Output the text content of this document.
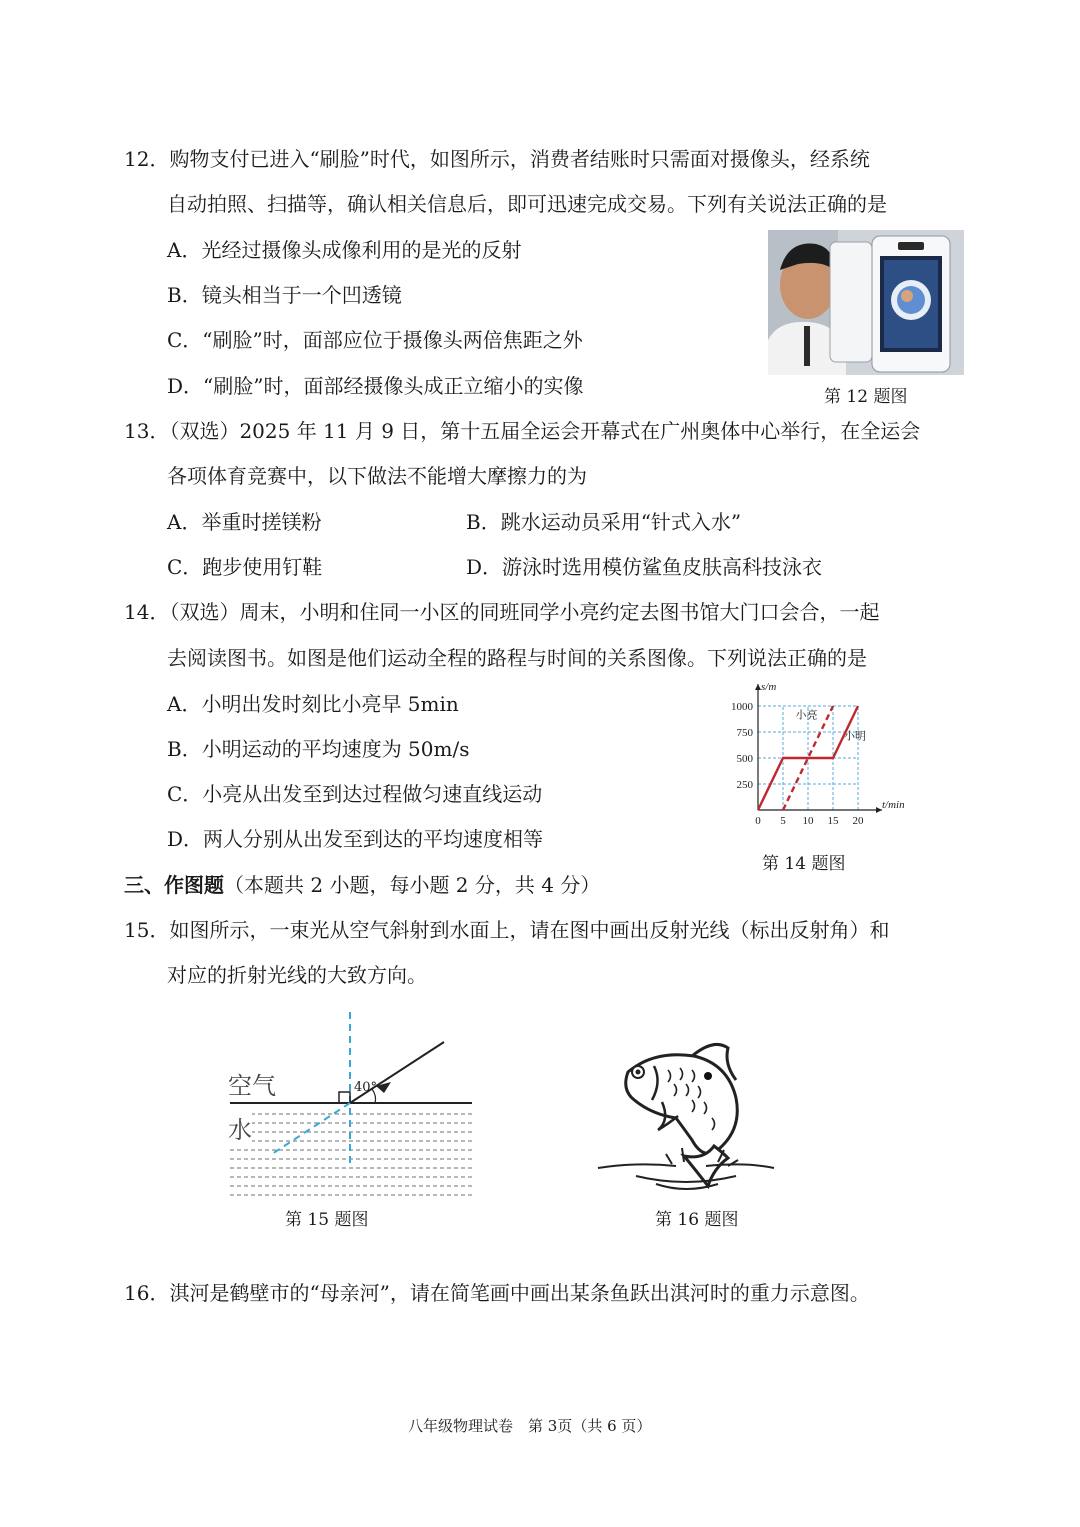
12．购物支付已进入“刷脸”时代，如图所示，消费者结账时只需面对摄像头，经系统
自动拍照、扫描等，确认相关信息后，即可迅速完成交易。下列有关说法正确的是
A．光经过摄像头成像利用的是光的反射
B．镜头相当于一个凹透镜
C．“刷脸”时，面部应位于摄像头两倍焦距之外
D．“刷脸”时，面部经摄像头成正立缩小的实像	第 12 题图
13．（双选）2025 年 11 月 9 日，第十五届全运会开幕式在广州奥体中心举行，在全运会
各项体育竞赛中，以下做法不能增大摩擦力的为
A．举重时搓镁粉	B．跳水运动员采用“针式入水”
C．跑步使用钉鞋	D．游泳时选用模仿鲨鱼皮肤高科技泳衣
14．（双选）周末，小明和住同一小区的同班同学小亮约定去图书馆大门口会合，一起
去阅读图书。如图是他们运动全程的路程与时间的关系图像。下列说法正确的是
A．小明出发时刻比小亮早 5min
B．小明运动的平均速度为 50m/s
C．小亮从出发至到达过程做匀速直线运动
D．两人分别从出发至到达的平均速度相等
0 5 10 15 20
250
500
750
1000
t/min
s/m
小明
小亮
第 14 题图
三、作图题（本题共 2 小题，每小题 2 分，共 4 分）
15．如图所示，一束光从空气斜射到水面上，请在图中画出反射光线（标出反射角）和
对应的折射光线的大致方向。
空气
水
40°
第 15 题图	第 16 题图
16．淇河是鹤壁市的“母亲河”，请在简笔画中画出某条鱼跃出淇河时的重力示意图。
八年级物理试卷　第 3页（共 6 页）
